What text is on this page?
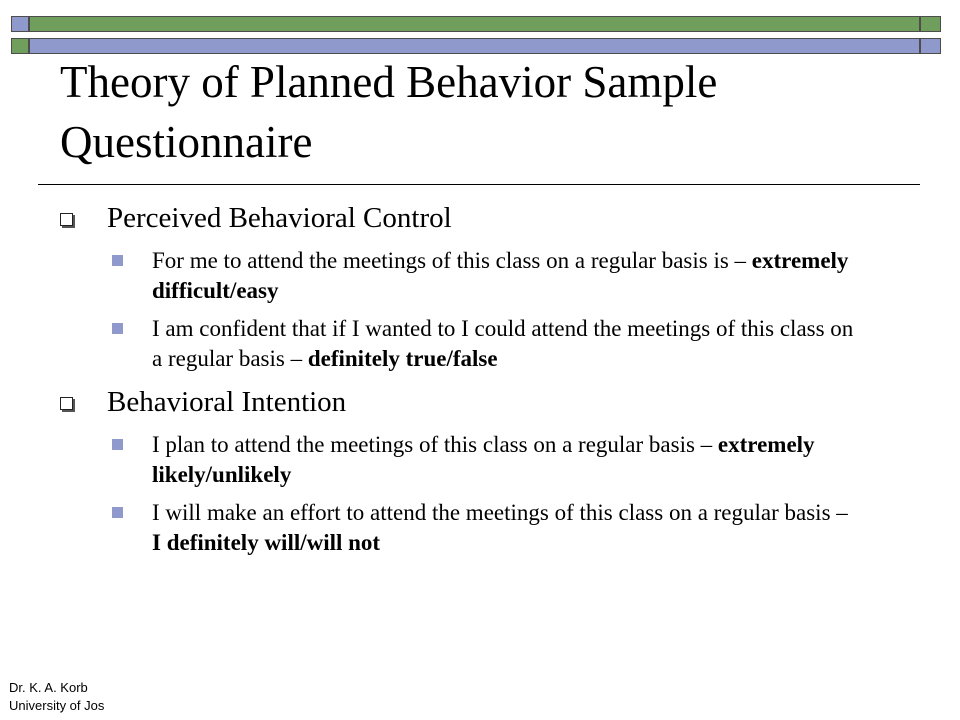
Theory of Planned Behavior Sample Questionnaire
Perceived Behavioral Control
For me to attend the meetings of this class on a regular basis is – extremely difficult/easy
I am confident that if I wanted to I could attend the meetings of this class on a regular basis – definitely true/false
Behavioral Intention
I plan to attend the meetings of this class on a regular basis – extremely likely/unlikely
I will make an effort to attend the meetings of this class on a regular basis – I definitely will/will not
Dr. K. A. Korb
University of Jos
